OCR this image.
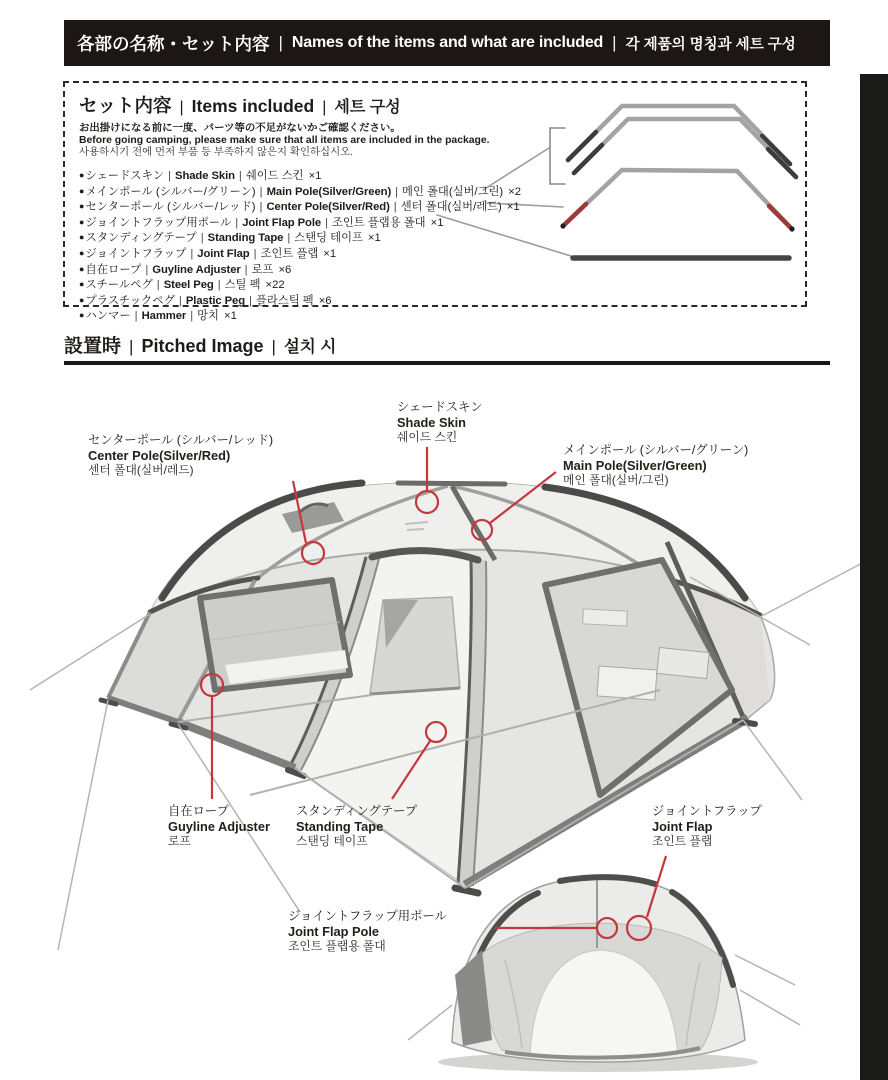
各部の名称・セット内容 | Names of the items and what are included | 각 제품의 명칭과 세트 구성
セット内容 | Items included | 세트 구성
お出掛けになる前に一度、パーツ等の不足がないかご確認ください。
Before going camping, please make sure that all items are included in the package.
사용하시기 전에 먼저 부품 등 부족하지 않은지 확인하십시오.
●シェードスキン | Shade Skin | 쉐이드 스킨 ×1
●メインポール (シルバー/グリーン) | Main Pole(Silver/Green) | 메인 폴대(실버/그린) ×2
●センターポール (シルバー/レッド) | Center Pole(Silver/Red) | 센터 폴대(실버/레드) ×1
●ジョイントフラップ用ポール | Joint Flap Pole | 조인트 플랩용 폴대 ×1
●スタンディングテープ | Standing Tape | 스탠딩 테이프 ×1
●ジョイントフラップ | Joint Flap | 조인트 플랩 ×1
●自在ロープ | Guyline Adjuster | 로프 ×6
●スチールペグ | Steel Peg | 스틸 펙 ×22
●プラスチックペグ | Plastic Peg | 플라스틱 펙 ×6
●ハンマー | Hammer | 망치 ×1
設置時 | Pitched Image | 설치 시
シェードスキン
Shade Skin
쉐이드 스킨
センターポール (シルバー/レッド)
Center Pole(Silver/Red)
센터 폴대(실버/레드)
メインポール (シルバー/グリーン)
Main Pole(Silver/Green)
메인 폴대(실버/그린)
自在ロープ
Guyline Adjuster
로프
スタンディングテープ
Standing Tape
스탠딩 테이프
ジョイントフラップ
Joint Flap
조인트 플랩
ジョイントフラップ用ポール
Joint Flap Pole
조인트 플랩용 폴대
